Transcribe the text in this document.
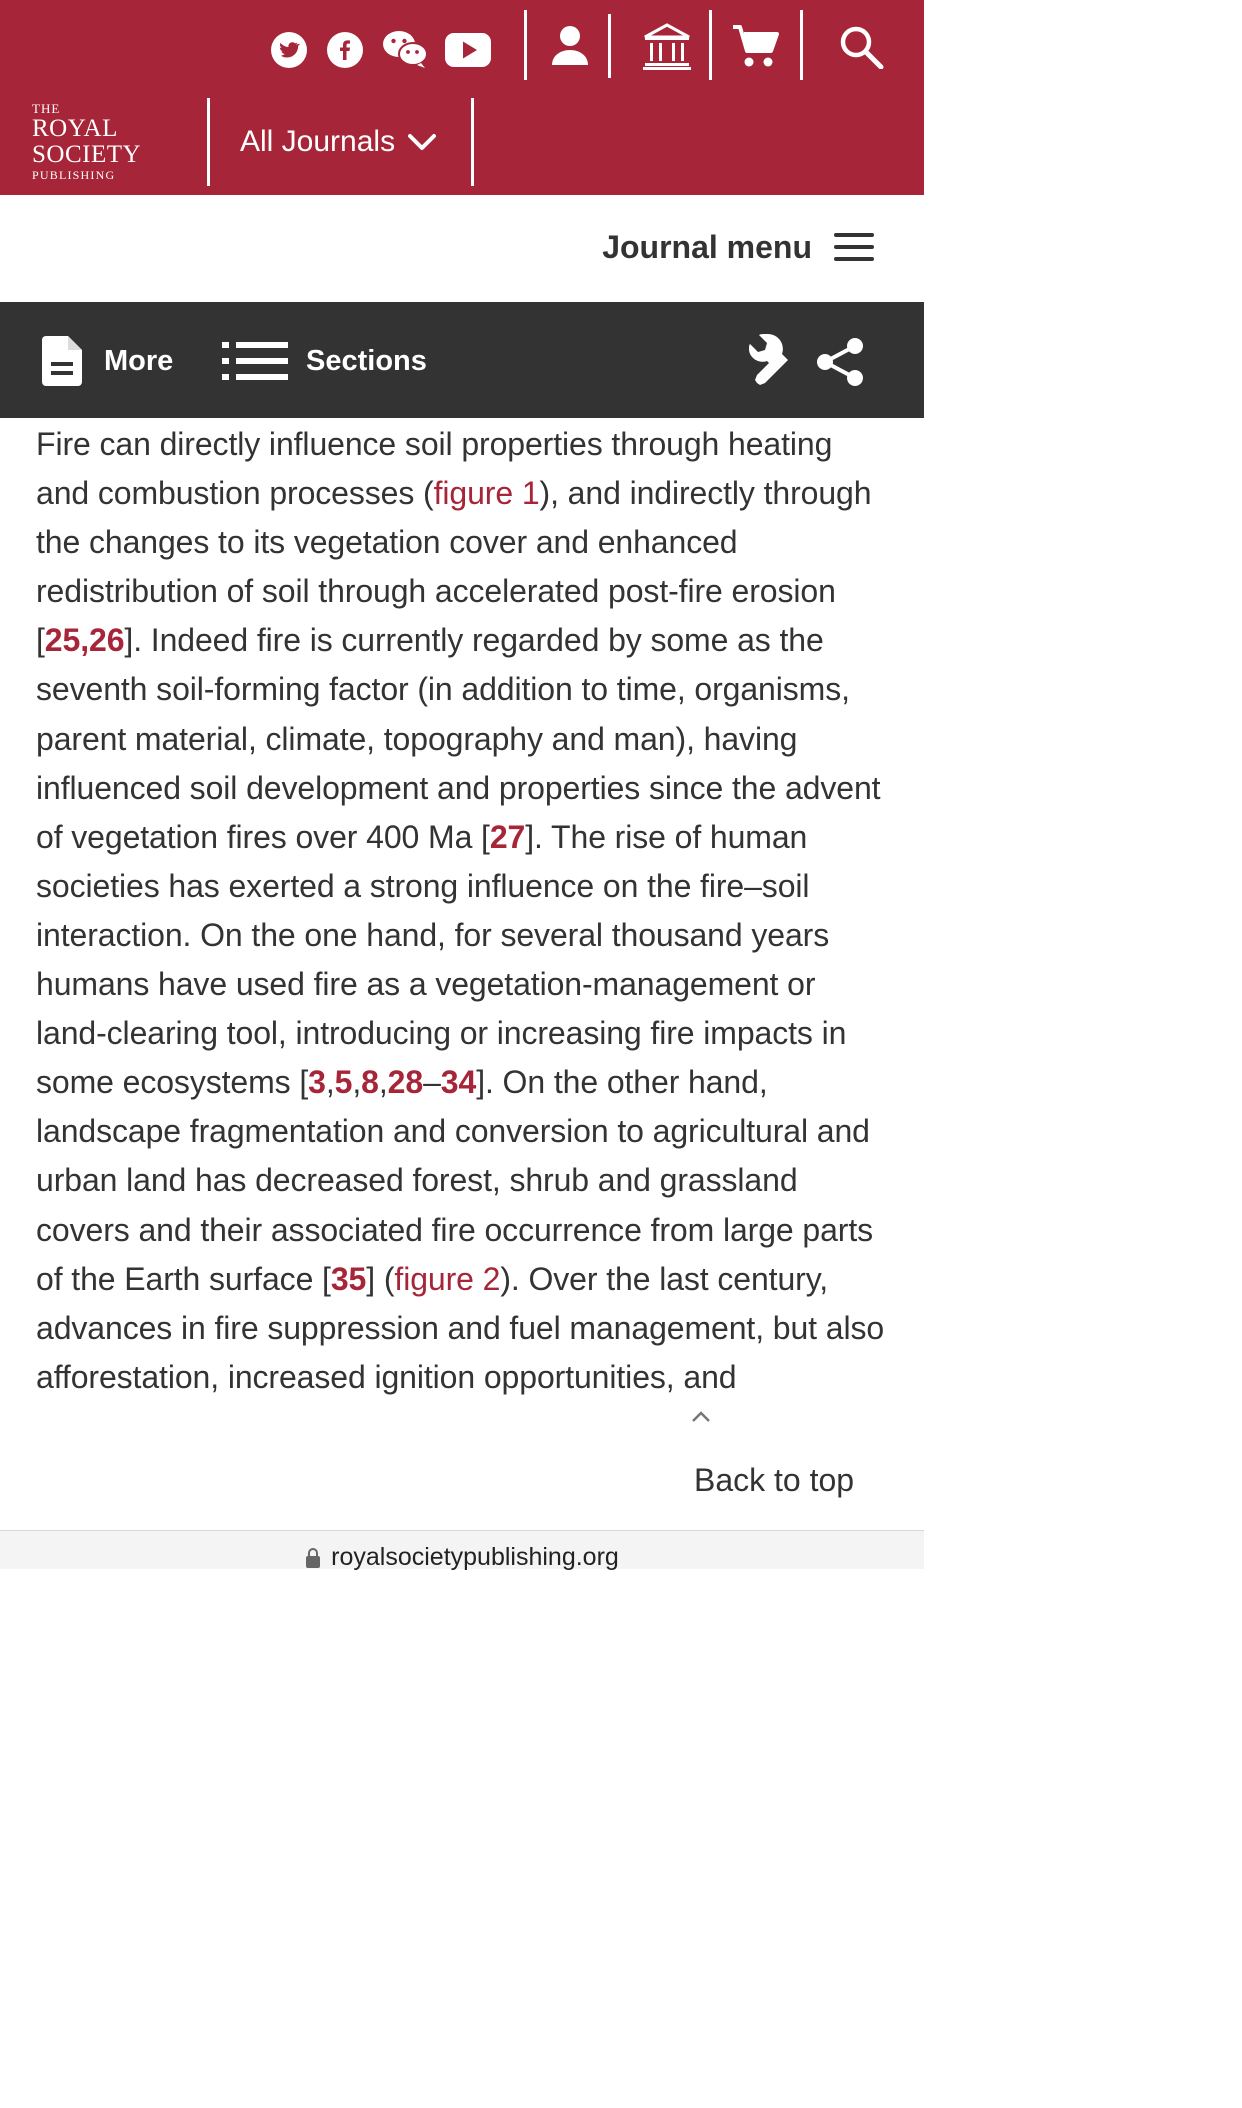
THE
ROYAL
SOCIETY
PUBLISHING
All Journals
Journal menu
More	Sections
Fire can directly influence soil properties through heating and combustion processes (figure 1), and indirectly through the changes to its vegetation cover and enhanced redistribution of soil through accelerated post-fire erosion [25,26]. Indeed fire is currently regarded by some as the seventh soil-forming factor (in addition to time, organisms, parent material, climate, topography and man), having influenced soil development and properties since the advent of vegetation fires over 400 Ma [27]. The rise of human societies has exerted a strong influence on the fire–soil interaction. On the one hand, for several thousand years humans have used fire as a vegetation-management or land-clearing tool, introducing or increasing fire impacts in some ecosystems [3,5,8,28–34]. On the other hand, landscape fragmentation and conversion to agricultural and urban land has decreased forest, shrub and grassland covers and their associated fire occurrence from large parts of the Earth surface [35] (figure 2). Over the last century, advances in fire suppression and fuel management, but also afforestation, increased ignition opportunities, and
Back to top
royalsocietypublishing.org
